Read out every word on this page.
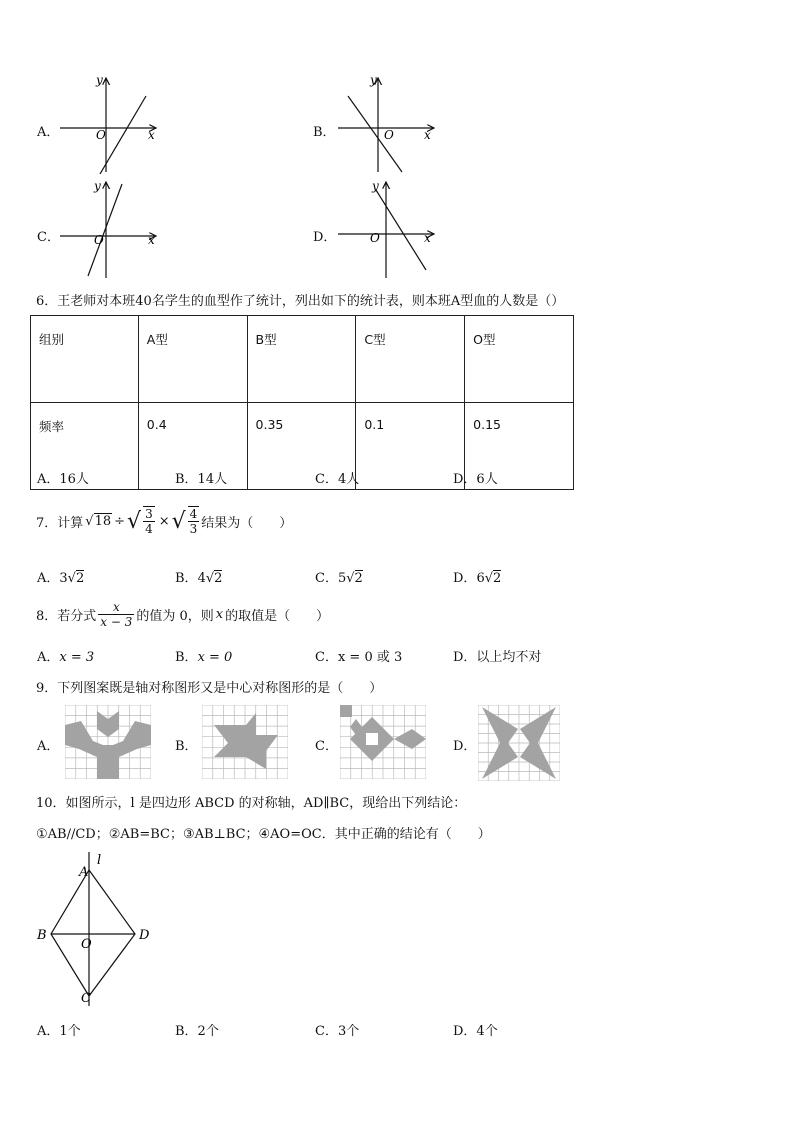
A．
y
O	x	B．
y
O	x
C．
y
O	x	D．
y
O	x
6．王老师对本班40名学生的血型作了统计，列出如下的统计表，则本班A型血的人数是（）
组别	A型	B型	C型	O型
频率	0.4	0.35	0.1	0.15
A．16人	B．14人	C．4人	D．6人
7．计算 √ 18 ÷ √ $\frac{3}{4}$ × √ $\frac{4}{3}$ 结果为（　　）
A．3√2	B．4√2	C．5√2	D．6√2
8．若分式 $\frac{x}{x - 3}$ 的值为 0，则 x 的取值是（　　）
A．x = 3	B．x = 0	C．x = 0 或 3	D．以上均不对
9．下列图案既是轴对称图形又是中心对称图形的是（　　）
A．	B．	C．	D．
10．如图所示，l 是四边形 ABCD 的对称轴，AD∥BC，现给出下列结论：
①AB//CD；②AB=BC；③AB⊥BC；④AO=OC．其中正确的结论有（　　）
l
A
B	D
O
C
A．1个	B．2个	C．3个	D．4个
